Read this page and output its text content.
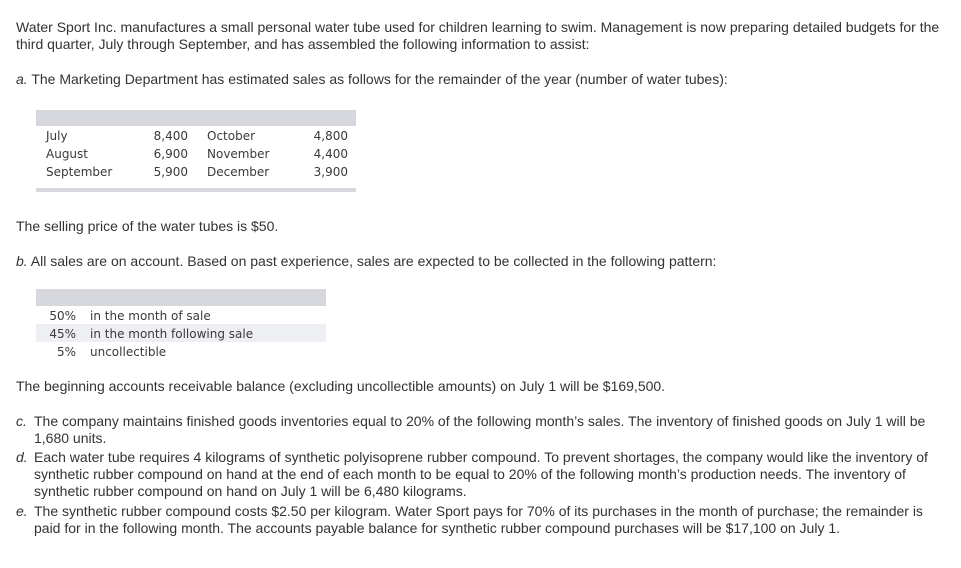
Water Sport Inc. manufactures a small personal water tube used for children learning to swim. Management is now preparing detailed budgets for the third quarter, July through September, and has assembled the following information to assist:

a. The Marketing Department has estimated sales as follows for the remainder of the year (number of water tubes):

July	8,400 October	4,800
August	6,900 November	4,400
September	5,900 December	3,900

The selling price of the water tubes is $50.

b. All sales are on account. Based on past experience, sales are expected to be collected in the following pattern:

50% in the month of sale
45% in the month following sale
5% uncollectible

The beginning accounts receivable balance (excluding uncollectible amounts) on July 1 will be $169,500.

c. The company maintains finished goods inventories equal to 20% of the following month’s sales. The inventory of finished goods on July 1 will be 1,680 units.
d. Each water tube requires 4 kilograms of synthetic polyisoprene rubber compound. To prevent shortages, the company would like the inventory of synthetic rubber compound on hand at the end of each month to be equal to 20% of the following month’s production needs. The inventory of synthetic rubber compound on hand on July 1 will be 6,480 kilograms.
e. The synthetic rubber compound costs $2.50 per kilogram. Water Sport pays for 70% of its purchases in the month of purchase; the remainder is paid for in the following month. The accounts payable balance for synthetic rubber compound purchases will be $17,100 on July 1.
